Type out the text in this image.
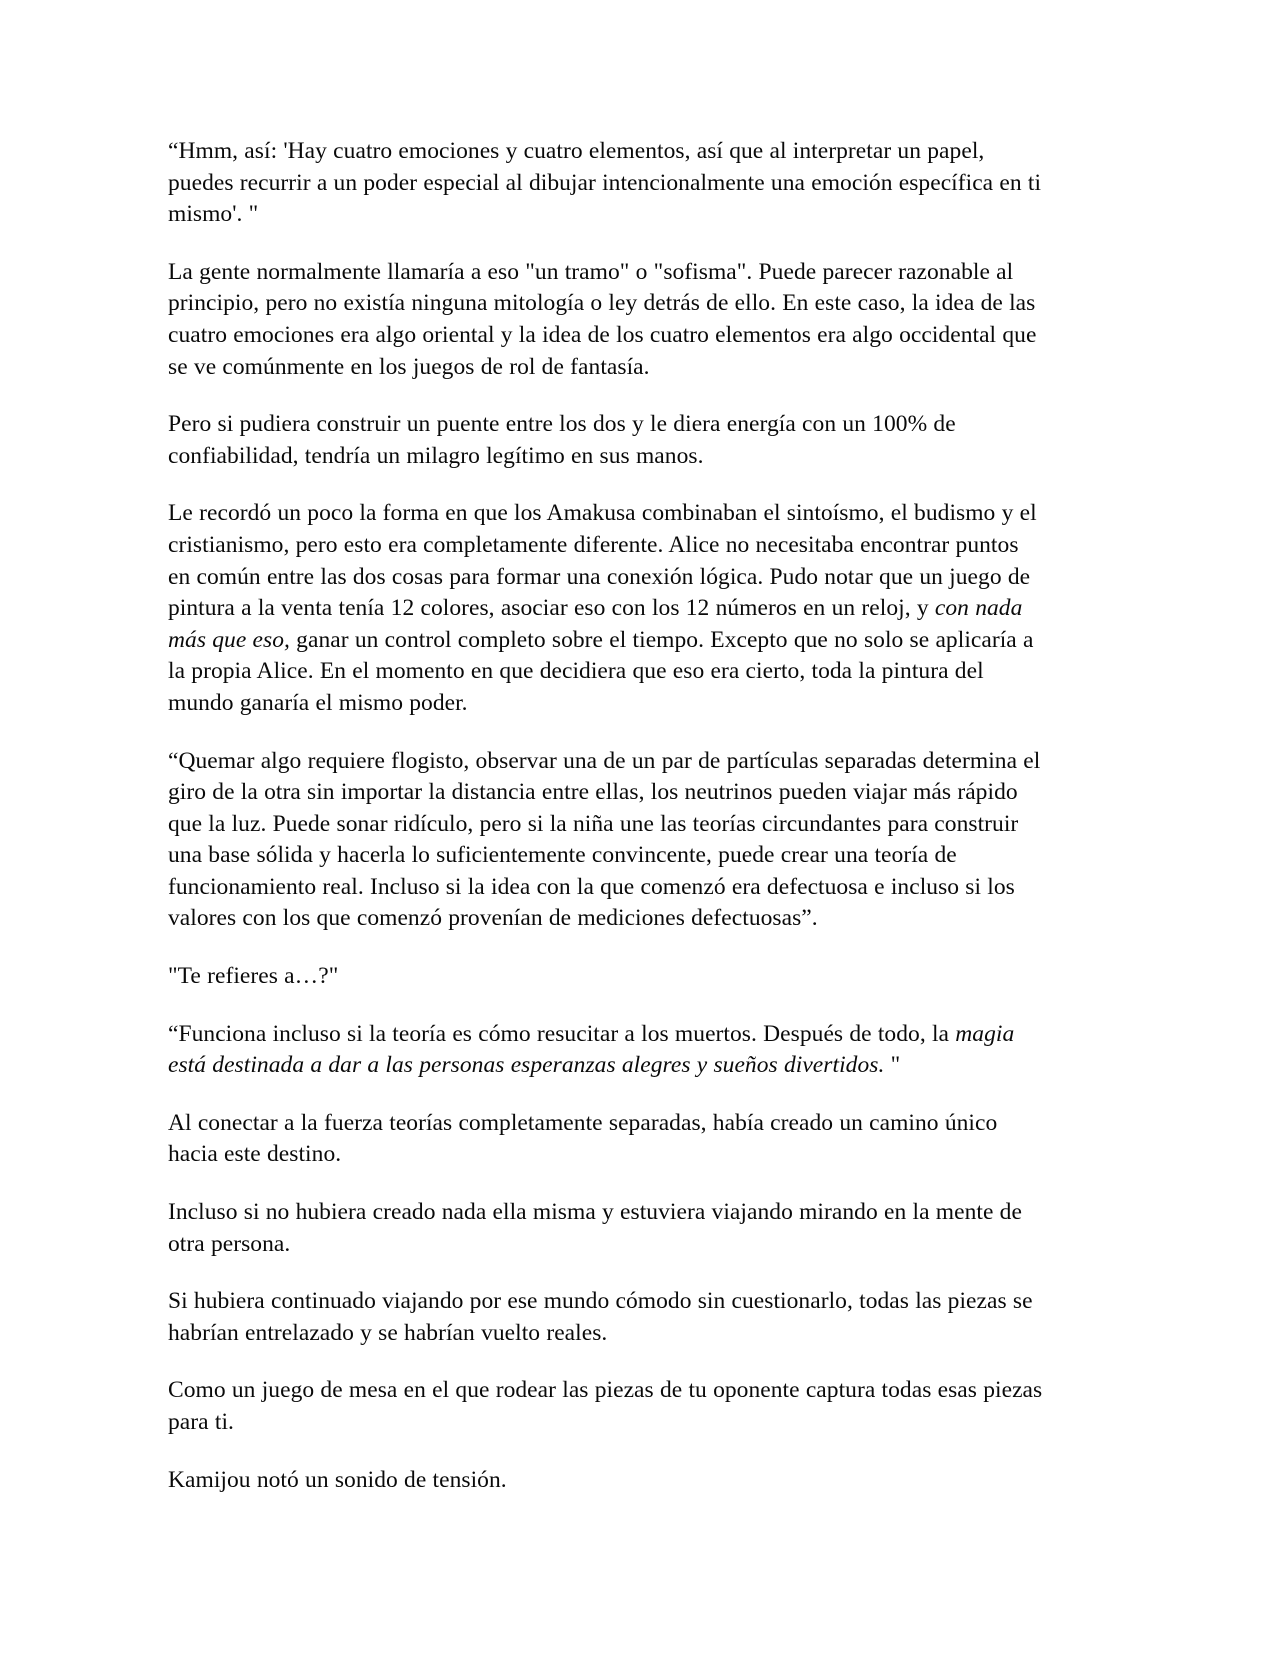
“Hmm, así: 'Hay cuatro emociones y cuatro elementos, así que al interpretar un papel, puedes recurrir a un poder especial al dibujar intencionalmente una emoción específica en ti mismo'. "

La gente normalmente llamaría a eso "un tramo" o "sofisma". Puede parecer razonable al principio, pero no existía ninguna mitología o ley detrás de ello. En este caso, la idea de las cuatro emociones era algo oriental y la idea de los cuatro elementos era algo occidental que se ve comúnmente en los juegos de rol de fantasía.

Pero si pudiera construir un puente entre los dos y le diera energía con un 100% de confiabilidad, tendría un milagro legítimo en sus manos.

Le recordó un poco la forma en que los Amakusa combinaban el sintoísmo, el budismo y el cristianismo, pero esto era completamente diferente. Alice no necesitaba encontrar puntos en común entre las dos cosas para formar una conexión lógica. Pudo notar que un juego de pintura a la venta tenía 12 colores, asociar eso con los 12 números en un reloj, y con nada más que eso, ganar un control completo sobre el tiempo. Excepto que no solo se aplicaría a la propia Alice. En el momento en que decidiera que eso era cierto, toda la pintura del mundo ganaría el mismo poder.

“Quemar algo requiere flogisto, observar una de un par de partículas separadas determina el giro de la otra sin importar la distancia entre ellas, los neutrinos pueden viajar más rápido que la luz. Puede sonar ridículo, pero si la niña une las teorías circundantes para construir una base sólida y hacerla lo suficientemente convincente, puede crear una teoría de funcionamiento real. Incluso si la idea con la que comenzó era defectuosa e incluso si los valores con los que comenzó provenían de mediciones defectuosas”.

"Te refieres a…?"

“Funciona incluso si la teoría es cómo resucitar a los muertos. Después de todo, la magia está destinada a dar a las personas esperanzas alegres y sueños divertidos. "

Al conectar a la fuerza teorías completamente separadas, había creado un camino único hacia este destino.

Incluso si no hubiera creado nada ella misma y estuviera viajando mirando en la mente de otra persona.

Si hubiera continuado viajando por ese mundo cómodo sin cuestionarlo, todas las piezas se habrían entrelazado y se habrían vuelto reales.

Como un juego de mesa en el que rodear las piezas de tu oponente captura todas esas piezas para ti.

Kamijou notó un sonido de tensión.
